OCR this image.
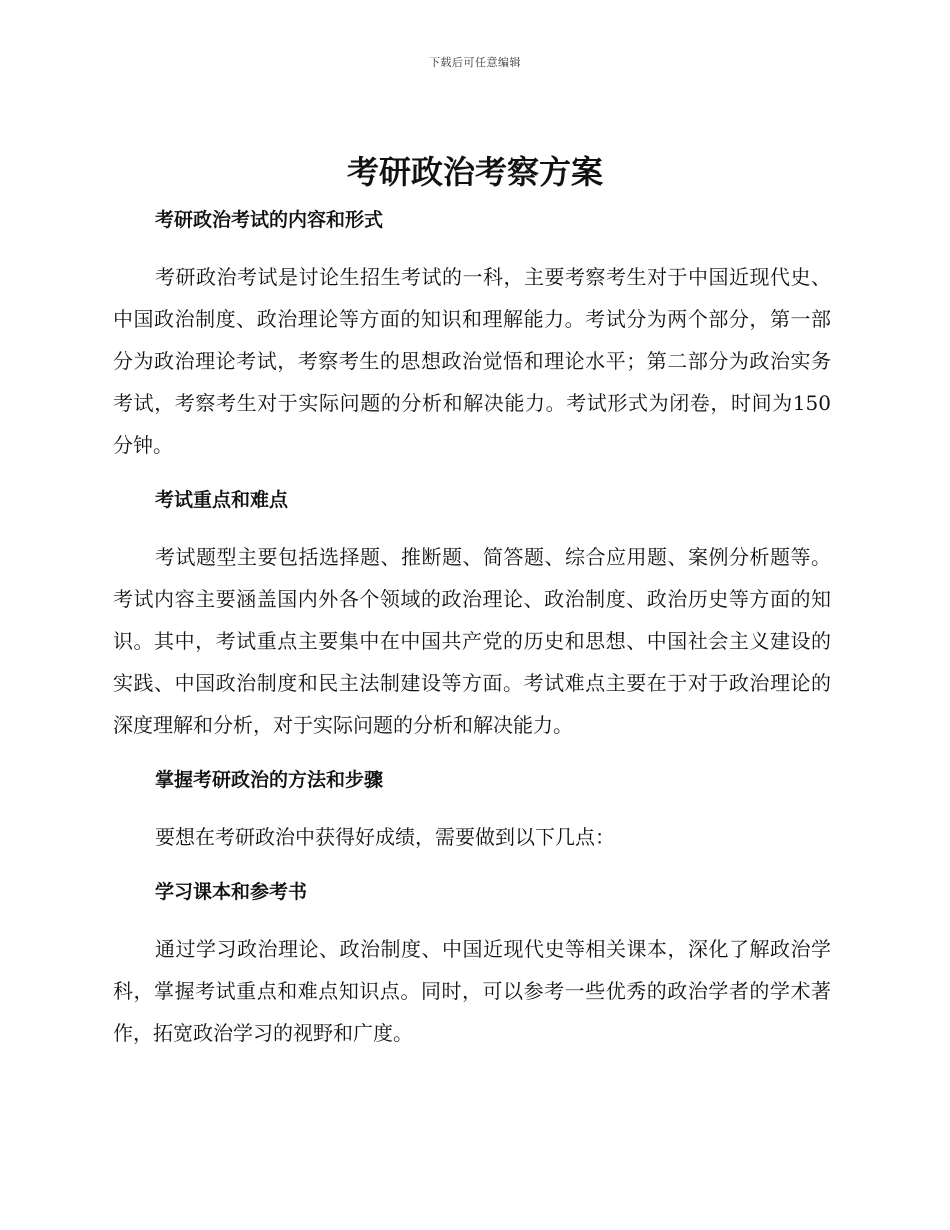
下载后可任意编辑
考研政治考察方案
考研政治考试的内容和形式

考研政治考试是讨论生招生考试的一科，主要考察考生对于中国近现代史、中国政治制度、政治理论等方面的知识和理解能力。考试分为两个部分，第一部分为政治理论考试，考察考生的思想政治觉悟和理论水平；第二部分为政治实务考试，考察考生对于实际问题的分析和解决能力。考试形式为闭卷，时间为150分钟。

考试重点和难点

考试题型主要包括选择题、推断题、简答题、综合应用题、案例分析题等。考试内容主要涵盖国内外各个领域的政治理论、政治制度、政治历史等方面的知识。其中，考试重点主要集中在中国共产党的历史和思想、中国社会主义建设的实践、中国政治制度和民主法制建设等方面。考试难点主要在于对于政治理论的深度理解和分析，对于实际问题的分析和解决能力。

掌握考研政治的方法和步骤

要想在考研政治中获得好成绩，需要做到以下几点：

学习课本和参考书

通过学习政治理论、政治制度、中国近现代史等相关课本，深化了解政治学科，掌握考试重点和难点知识点。同时，可以参考一些优秀的政治学者的学术著作，拓宽政治学习的视野和广度。
